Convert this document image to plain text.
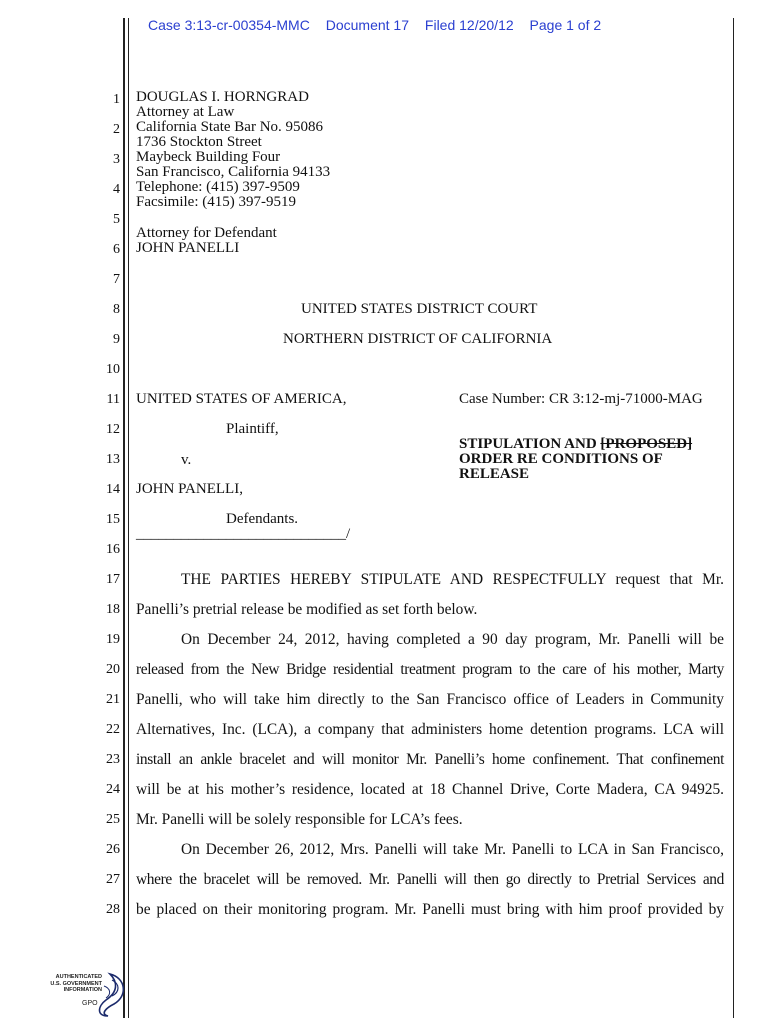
Case 3:13-cr-00354-MMC Document 17 Filed 12/20/12 Page 1 of 2
1
2
3
4
5
6
7
8
9
10
11
12
13
14
15
16
17
18
19
20
21
22
23
24
25
26
27
28
DOUGLAS I. HORNGRAD
Attorney at Law
California State Bar No. 95086
1736 Stockton Street
Maybeck Building Four
San Francisco, California 94133
Telephone: (415) 397-9509
Facsimile: (415) 397-9519
Attorney for Defendant
JOHN PANELLI
UNITED STATES DISTRICT COURT
NORTHERN DISTRICT OF CALIFORNIA
UNITED STATES OF AMERICA,
Plaintiff,
v.
JOHN PANELLI,
Defendants.
____________________________/
Case Number: CR 3:12-mj-71000-MAG
STIPULATION AND [PROPOSED]
ORDER RE CONDITIONS OF
RELEASE
THE PARTIES HEREBY STIPULATE AND RESPECTFULLY request that Mr.
Panelli’s pretrial release be modified as set forth below.
On December 24, 2012, having completed a 90 day program, Mr. Panelli will be
released from the New Bridge residential treatment program to the care of his mother, Marty
Panelli, who will take him directly to the San Francisco office of Leaders in Community
Alternatives, Inc. (LCA), a company that administers home detention programs. LCA will
install an ankle bracelet and will monitor Mr. Panelli’s home confinement. That confinement
will be at his mother’s residence, located at 18 Channel Drive, Corte Madera, CA 94925.
Mr. Panelli will be solely responsible for LCA’s fees.
On December 26, 2012, Mrs. Panelli will take Mr. Panelli to LCA in San Francisco,
where the bracelet will be removed. Mr. Panelli will then go directly to Pretrial Services and
be placed on their monitoring program. Mr. Panelli must bring with him proof provided by
AUTHENTICATED
U.S. GOVERNMENT
INFORMATION
GPO
